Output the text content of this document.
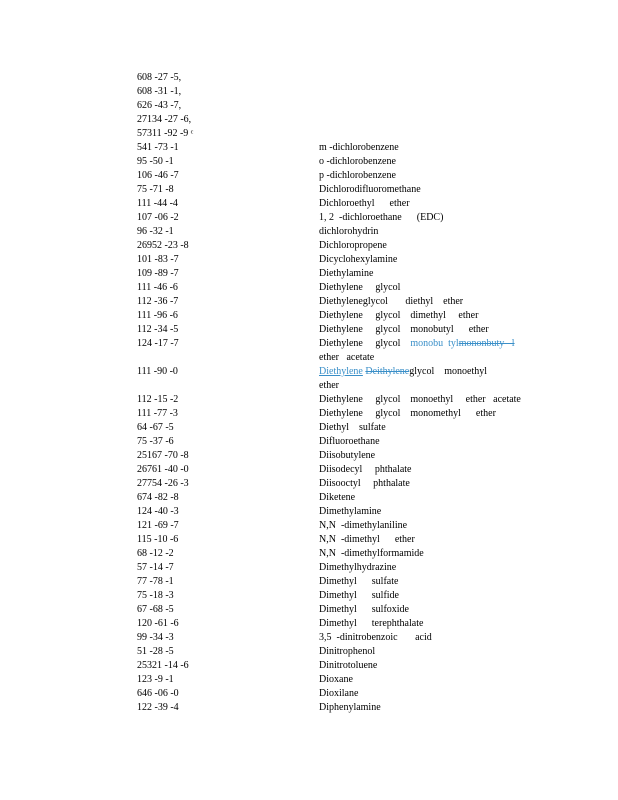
608 -27 -5,
608 -31 -1,
626 -43 -7,
27134 -27 -6,
57311 -92 -9 ᶜ
541 -73 -1	m -dichlorobenzene
95 -50 -1	o -dichlorobenzene
106 -46 -7	p -dichlorobenzene
75 -71 -8	Dichlorodifluoromethane
111 -44 -4	Dichloroethyl      ether
107 -06 -2	1, 2  -dichloroethane      (EDC)
96 -32 -1	dichlorohydrin
26952 -23 -8	Dichloropropene
101 -83 -7	Dicyclohexylamine
109 -89 -7	Diethylamine
111 -46 -6	Diethylene     glycol
112 -36 -7	Diethyleneglycol       diethyl    ether
111 -96 -6	Diethylene     glycol    dimethyl     ether
112 -34 -5	Diethylene     glycol    monobutyl      ether
124 -17 -7	Diethylene     glycol    monobu  tylmononbuty   l
ether   acetate
111 -90 -0	Diethylene Deithyleneglycol    monoethyl
ether
112 -15 -2	Diethylene     glycol    monoethyl     ether   acetate
111 -77 -3	Diethylene     glycol    monomethyl      ether
64 -67 -5	Diethyl    sulfate
75 -37 -6	Difluoroethane
25167 -70 -8	Diisobutylene
26761 -40 -0	Diisodecyl     phthalate
27754 -26 -3	Diisooctyl     phthalate
674 -82 -8	Diketene
124 -40 -3	Dimethylamine
121 -69 -7	N,N  -dimethylaniline
115 -10 -6	N,N  -dimethyl      ether
68 -12 -2	N,N  -dimethylformamide
57 -14 -7	Dimethylhydrazine
77 -78 -1	Dimethyl      sulfate
75 -18 -3	Dimethyl      sulfide
67 -68 -5	Dimethyl      sulfoxide
120 -61 -6	Dimethyl      terephthalate
99 -34 -3	3,5  -dinitrobenzoic       acid
51 -28 -5	Dinitrophenol
25321 -14 -6	Dinitrotoluene
123 -9 -1	Dioxane
646 -06 -0	Dioxilane
122 -39 -4	Diphenylamine
